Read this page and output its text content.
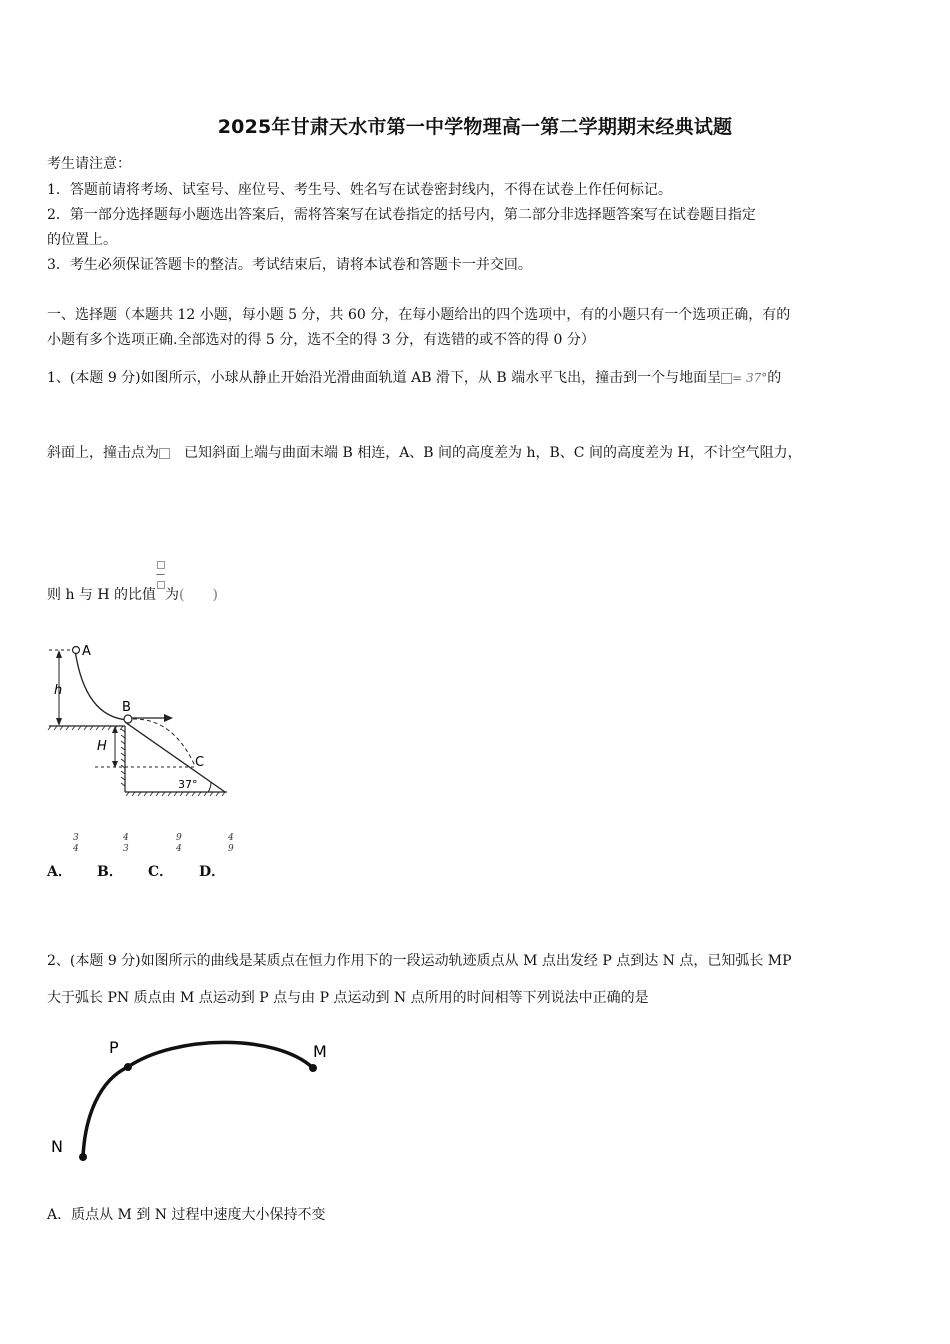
2025年甘肃天水市第一中学物理高一第二学期期末经典试题
考生请注意：
1．答题前请将考场、试室号、座位号、考生号、姓名写在试卷密封线内，不得在试卷上作任何标记。
2．第一部分选择题每小题选出答案后，需将答案写在试卷指定的括号内，第二部分非选择题答案写在试卷题目指定
的位置上。
3．考生必须保证答题卡的整洁。考试结束后，请将本试卷和答题卡一并交回。
一、选择题（本题共 12 小题，每小题 5 分，共 60 分，在每小题给出的四个选项中，有的小题只有一个选项正确，有的
小题有多个选项正确.全部选对的得 5 分，选不全的得 3 分，有选错的或不答的得 0 分）
1、(本题 9 分)如图所示，小球从静止开始沿光滑曲面轨道 AB 滑下，从 B 端水平飞出，撞击到一个与地面呈 = 37°的
斜面上，撞击点为 已知斜面上端与曲面末端 B 相连，A、B 间的高度差为 h，B、C 间的高度差为 H，不计空气阻力，
则 h 与 H 的比值
—
为(　　)
h
A
B
C
H
37°
3
4
A．
4
3
B．
9
4
C．
4
9
D．
2、(本题 9 分)如图所示的曲线是某质点在恒力作用下的一段运动轨迹质点从 M 点出发经 P 点到达 N 点，已知弧长 MP
大于弧长 PN 质点由 M 点运动到 P 点与由 P 点运动到 N 点所用的时间相等下列说法中正确的是
P	M
N
A．质点从 M 到 N 过程中速度大小保持不变
